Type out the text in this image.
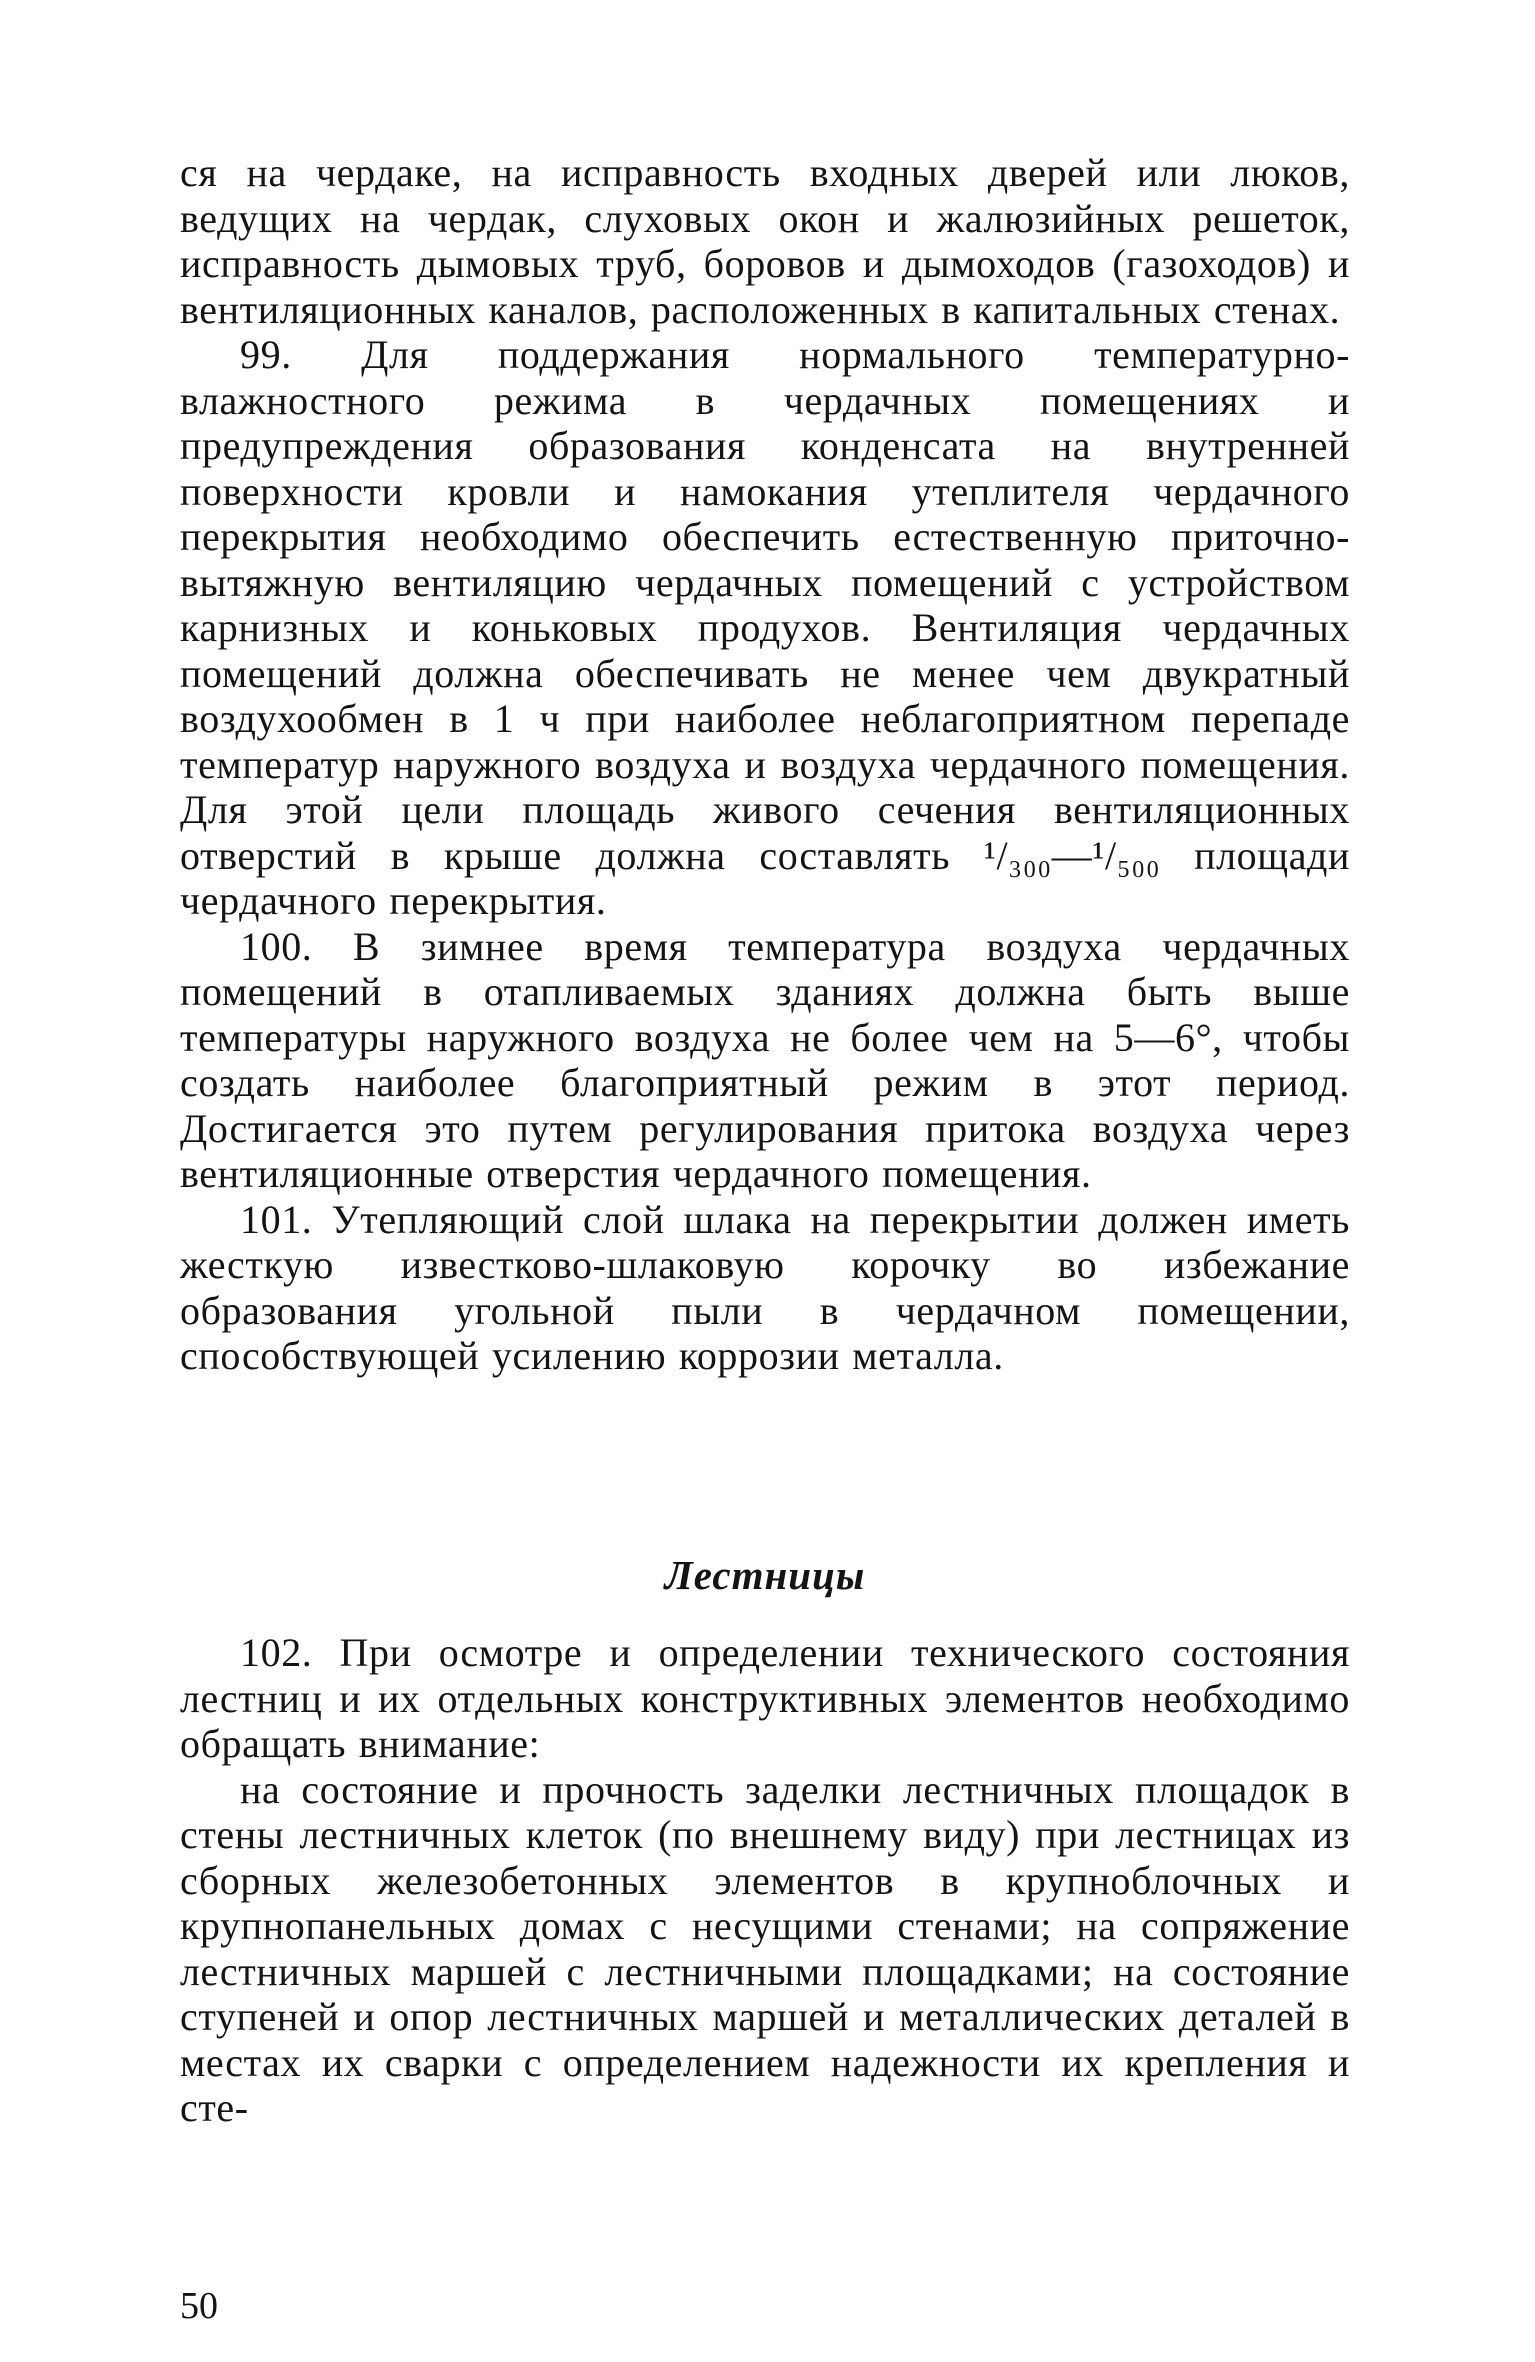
ся на чердаке, на исправность входных дверей или люков, ведущих на чердак, слуховых окон и жалюзийных решеток, исправность дымовых труб, боровов и дымоходов (газоходов) и вентиляционных каналов, расположенных в капитальных стенах.

99. Для поддержания нормального температурно-влажностного режима в чердачных помещениях и предупреждения образования конденсата на внутренней поверхности кровли и намокания утеплителя чердачного перекрытия необходимо обеспечить естественную приточно-вытяжную вентиляцию чердачных помещений с устройством карнизных и коньковых продухов. Вентиляция чердачных помещений должна обеспечивать не менее чем двукратный воздухообмен в 1 ч при наиболее неблагоприятном перепаде температур наружного воздуха и воздуха чердачного помещения. Для этой цели площадь живого сечения вентиляционных отверстий в крыше должна составлять ¹/₃₀₀—¹/₅₀₀ площади чердачного перекрытия.

100. В зимнее время температура воздуха чердачных помещений в отапливаемых зданиях должна быть выше температуры наружного воздуха не более чем на 5—6°, чтобы создать наиболее благоприятный режим в этот период. Достигается это путем регулирования притока воздуха через вентиляционные отверстия чердачного помещения.

101. Утепляющий слой шлака на перекрытии должен иметь жесткую известково-шлаковую корочку во избежание образования угольной пыли в чердачном помещении, способствующей усилению коррозии металла.

Лестницы

102. При осмотре и определении технического состояния лестниц и их отдельных конструктивных элементов необходимо обращать внимание:

на состояние и прочность заделки лестничных площадок в стены лестничных клеток (по внешнему виду) при лестницах из сборных железобетонных элементов в крупноблочных и крупнопанельных домах с несущими стенами; на сопряжение лестничных маршей с лестничными площадками; на состояние ступеней и опор лестничных маршей и металлических деталей в местах их сварки с определением надежности их крепления и сте-

50
